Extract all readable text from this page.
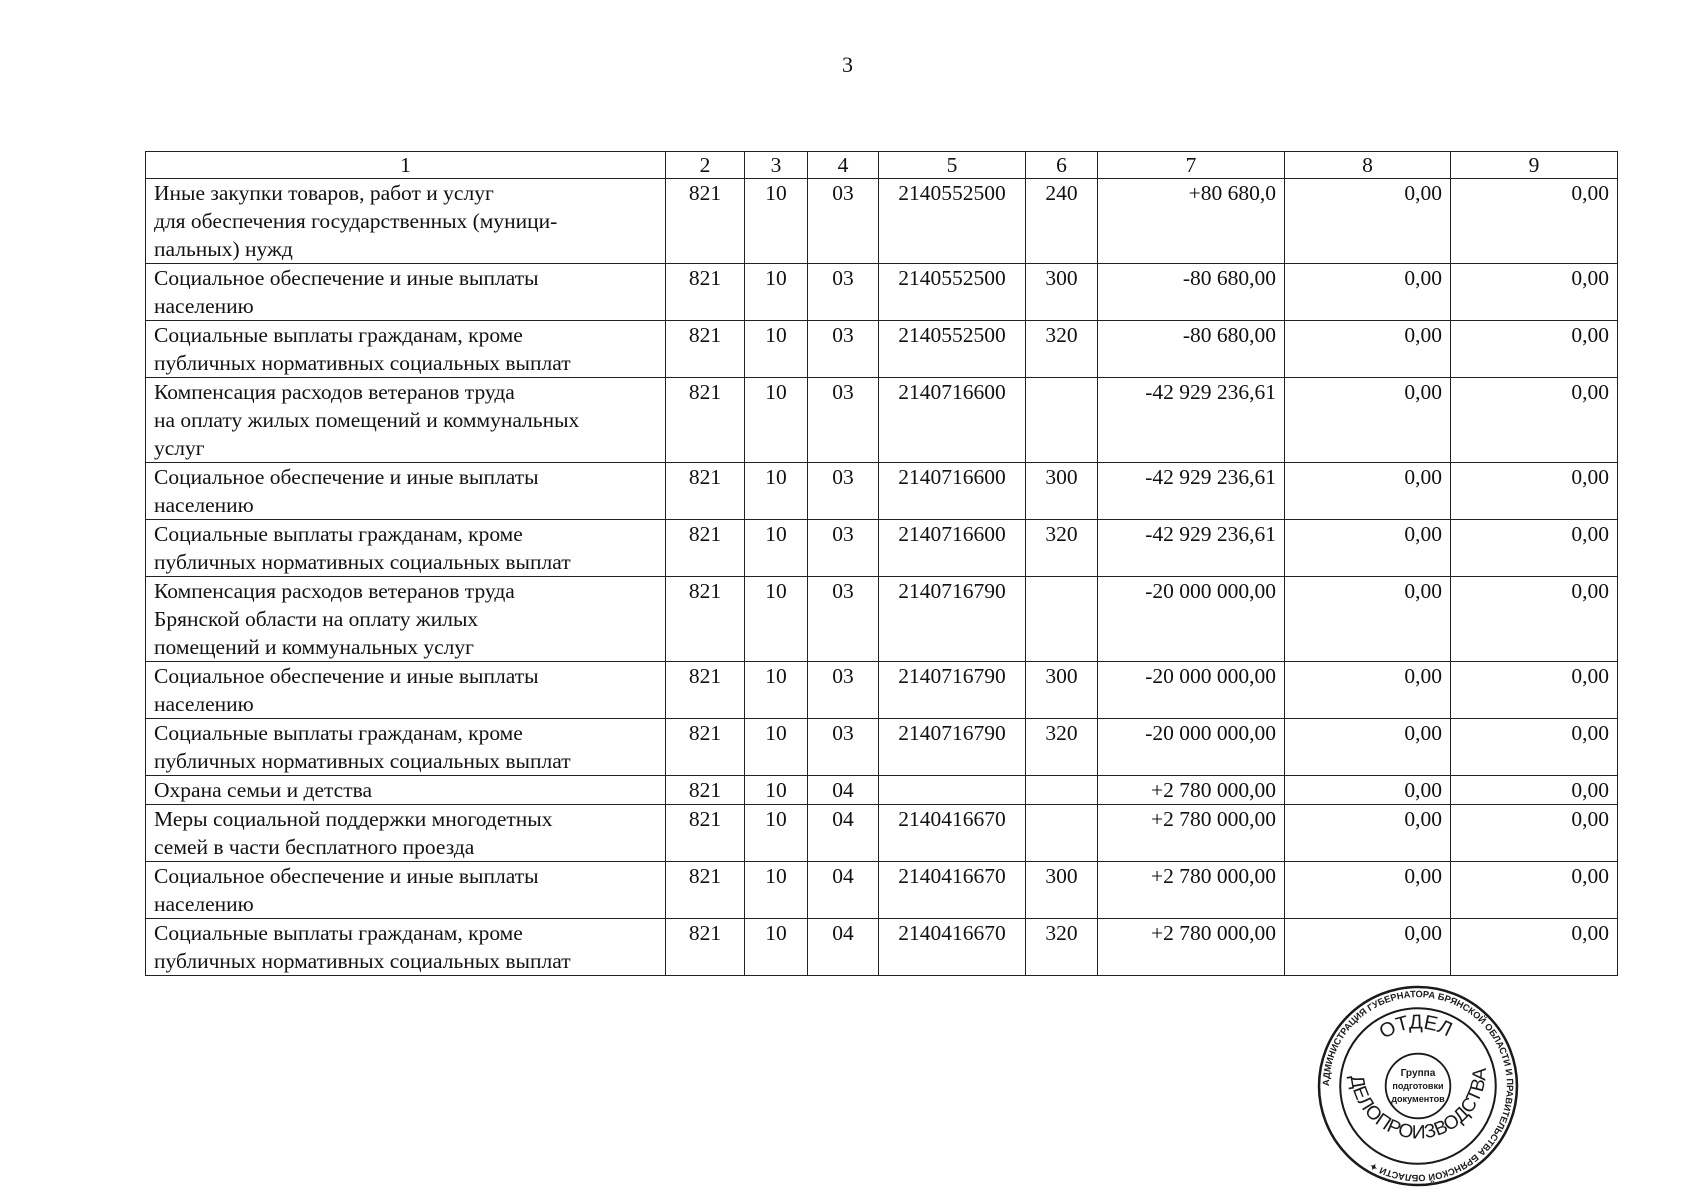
3
1	2	3	4	5	6	7	8	9
Иные закупки товаров, работ и услуг
для обеспечения государственных (муници-
пальных) нужд	821	10	03	2140552500	240	+80 680,0	0,00	0,00
Социальное обеспечение и иные выплаты
населению	821	10	03	2140552500	300	-80 680,00	0,00	0,00
Социальные выплаты гражданам, кроме
публичных нормативных социальных выплат	821	10	03	2140552500	320	-80 680,00	0,00	0,00
Компенсация расходов ветеранов труда
на оплату жилых помещений и коммунальных
услуг	821	10	03	2140716600		-42 929 236,61	0,00	0,00
Социальное обеспечение и иные выплаты
населению	821	10	03	2140716600	300	-42 929 236,61	0,00	0,00
Социальные выплаты гражданам, кроме
публичных нормативных социальных выплат	821	10	03	2140716600	320	-42 929 236,61	0,00	0,00
Компенсация расходов ветеранов труда
Брянской области на оплату жилых
помещений и коммунальных услуг	821	10	03	2140716790		-20 000 000,00	0,00	0,00
Социальное обеспечение и иные выплаты
населению	821	10	03	2140716790	300	-20 000 000,00	0,00	0,00
Социальные выплаты гражданам, кроме
публичных нормативных социальных выплат	821	10	03	2140716790	320	-20 000 000,00	0,00	0,00
Охрана семьи и детства	821	10	04			+2 780 000,00	0,00	0,00
Меры социальной поддержки многодетных
семей в части бесплатного проезда	821	10	04	2140416670		+2 780 000,00	0,00	0,00
Социальное обеспечение и иные выплаты
населению	821	10	04	2140416670	300	+2 780 000,00	0,00	0,00
Социальные выплаты гражданам, кроме
публичных нормативных социальных выплат	821	10	04	2140416670	320	+2 780 000,00	0,00	0,00
АДМИНИСТРАЦИЯ ГУБЕРНАТОРА БРЯНСКОЙ ОБЛАСТИ И ПРАВИТЕЛЬСТВА БРЯНСКОЙ ОБЛАСТИ ✦
ОТДЕЛ
ДЕЛОПРОИЗВОДСТВА
Группа
подготовки
документов
